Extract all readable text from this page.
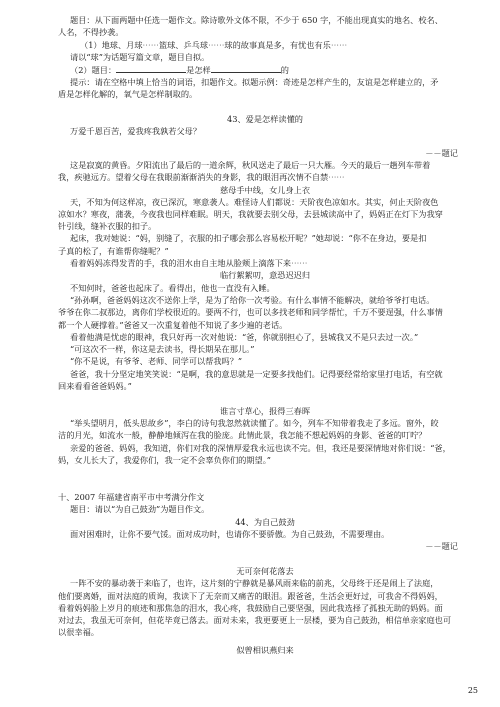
题目：从下面两题中任选一题作文。除诗歌外文体不限，不少于 650 字，不能出现真实的地名、校名、
人名，不得抄袭。
（1）地球、月球⋯⋯篮球、乒乓球⋯⋯球的故事真是多，有忧也有乐⋯⋯
请以“球”为话题写篇文章，题目自拟。
（2）题目：	是怎样	的
提示：请在空格中填上恰当的词语，扣题作文。拟题示例：奇迹是怎样产生的，友谊是怎样建立的，矛
盾是怎样化解的，氧气是怎样制取的。
43、爱是怎样读懂的
万爱千恩百苦，爱我疼我孰若父母？
－－题记
这是寂寞的黄昏。夕阳流出了最后的一道余辉，秋风送走了最后一只大雁。今天的最后一趟列车带着
我，疾驰远方。望着父母在我眼前渐渐消失的身影，我的眼泪再次情不自禁⋯⋯
慈母手中线，女儿身上衣
天，不知为何这样凉，夜已深沉，寒意袭人。难怪诗人们都说：天阶夜色凉如水。其实，何止天阶夜色
凉如水？寒夜，蒲袭，今夜我也同样难眠。明天，我就要去别父母，去县城读高中了，妈妈正在灯下为我穿
针引线，缝补衣服的扣子。
起床，我对她说：“妈，别缝了，衣服的扣子哪会那么容易松开呢？”她却说：“你不在身边，要是扣
子真的松了，有谁帮你缝呢？”
看着妈妈冻得发青的手，我的泪水由自主地从脸颊上滴落下来⋯⋯
临行絮絮叨，意恐迟迟归
不知何时，爸爸也起床了。看得出，他也一直没有入睡。
“孙孙啊，爸爸妈妈这次不送你上学，是为了给你一次考验。有什么事情不能解决，就给爷爷打电话。
爷爷在你二叔那边，离你们学校很近的。要两不行，也可以多找老师和同学帮忙，千万不要逞强，什么事情
都一个人硬撑着。”爸爸又一次重复着他不知说了多少遍的老话。
看着他满是忧虑的眼神，我只好再一次对他说：“爸，你就别担心了，县城我又不是只去过一次。”
“可这次不一样，你这是去读书，得长期呆在那儿。”
“你不是说，有爷爷、老师、同学可以帮我吗？”
爸爸，我十分坚定地笑笑说：“是啊，我的意思就是一定要多找他们。记得要经常给家里打电话，有空就
回来看看爸爸妈妈。”
谁言寸草心，报得三春晖
“举头望明月，低头思故乡”，李白的诗句我忽然就读懂了。如今，列车不知带着我走了多远。窗外，皎
洁的月光，如流水一般，静静地倾泻在我的脸庞。此情此景，我怎能不想起妈妈的身影、爸爸的叮咛？
亲爱的爸爸、妈妈，我知道，你们对我的深情厚爱我永远也读不完。但，我还是要深情地对你们说：“爸，
妈，女儿长大了，我爱你们，我一定不会辜负你们的期望。”
十、2007 年福建省南平市中考满分作文
题目：请以“为自己鼓劲”为题目作文。
44、为自己鼓劲
面对困难时，让你不要气馁。面对成功时，也请你不要骄傲。为自己鼓劲，不需要理由。
－－题记
无可奈何花落去
一阵不安的暴动袭于来临了，也许，这片刻的宁静就是暴风雨来临的前兆，父母终于还是闹上了法庭，
他们要离婚，面对法庭的质询，我读下了无奈而又痛苦的眼泪。跟爸爸，生活会更好过，可我舍不得妈妈，
看着妈妈脸上岁月的痕迹和那焦急的泪水，我心疼，我鼓励自己要坚强，因此我选择了孤独无助的妈妈。面
对过去，我虽无可奈何，但花毕竟已落去。面对未来，我更要更上一层楼，要为自己鼓劲，相信单亲家庭也可
以很幸福。
似曾相识燕归来
25
